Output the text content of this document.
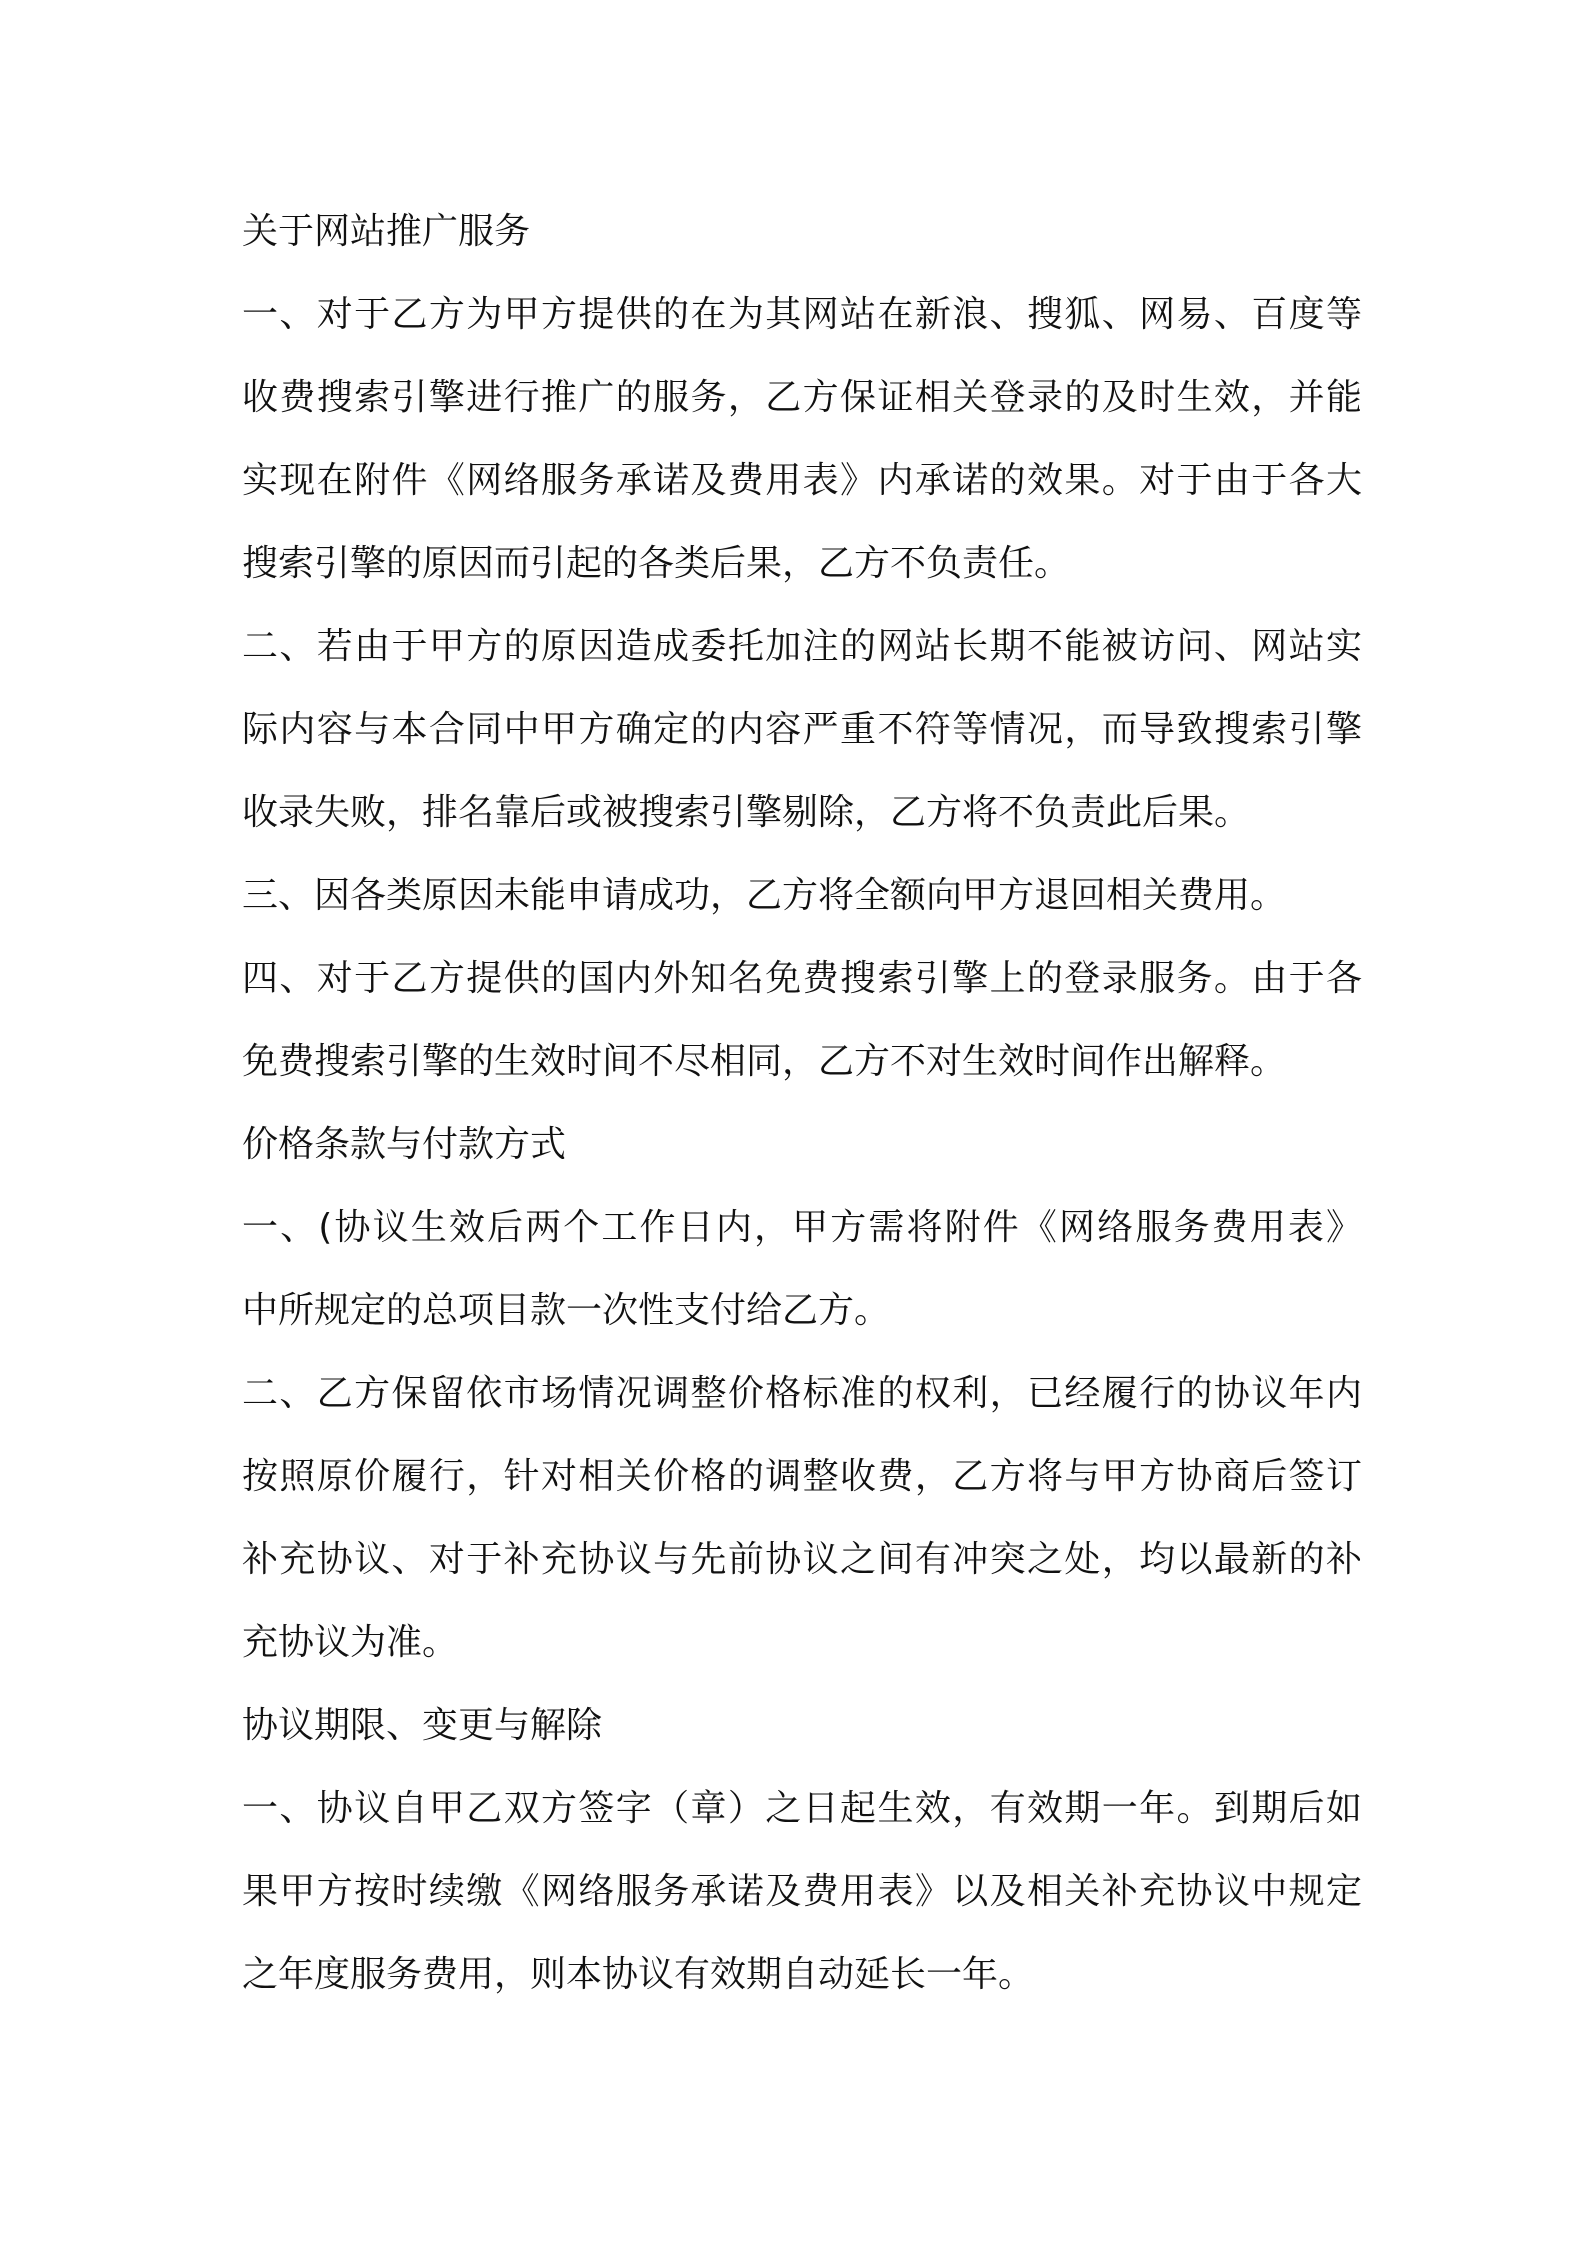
关于网站推广服务
一、对于乙方为甲方提供的在为其网站在新浪、搜狐、网易、百度等
收费搜索引擎进行推广的服务，乙方保证相关登录的及时生效，并能
实现在附件《网络服务承诺及费用表》内承诺的效果。对于由于各大
搜索引擎的原因而引起的各类后果，乙方不负责任。
二、若由于甲方的原因造成委托加注的网站长期不能被访问、网站实
际内容与本合同中甲方确定的内容严重不符等情况，而导致搜索引擎
收录失败，排名靠后或被搜索引擎剔除，乙方将不负责此后果。
三、因各类原因未能申请成功，乙方将全额向甲方退回相关费用。
四、对于乙方提供的国内外知名免费搜索引擎上的登录服务。由于各
免费搜索引擎的生效时间不尽相同，乙方不对生效时间作出解释。
价格条款与付款方式
一、(协议生效后两个工作日内，甲方需将附件《网络服务费用表》
中所规定的总项目款一次性支付给乙方。
二、乙方保留依市场情况调整价格标准的权利，已经履行的协议年内
按照原价履行，针对相关价格的调整收费，乙方将与甲方协商后签订
补充协议、对于补充协议与先前协议之间有冲突之处，均以最新的补
充协议为准。
协议期限、变更与解除
一、协议自甲乙双方签字（章）之日起生效，有效期一年。到期后如
果甲方按时续缴《网络服务承诺及费用表》以及相关补充协议中规定
之年度服务费用，则本协议有效期自动延长一年。
